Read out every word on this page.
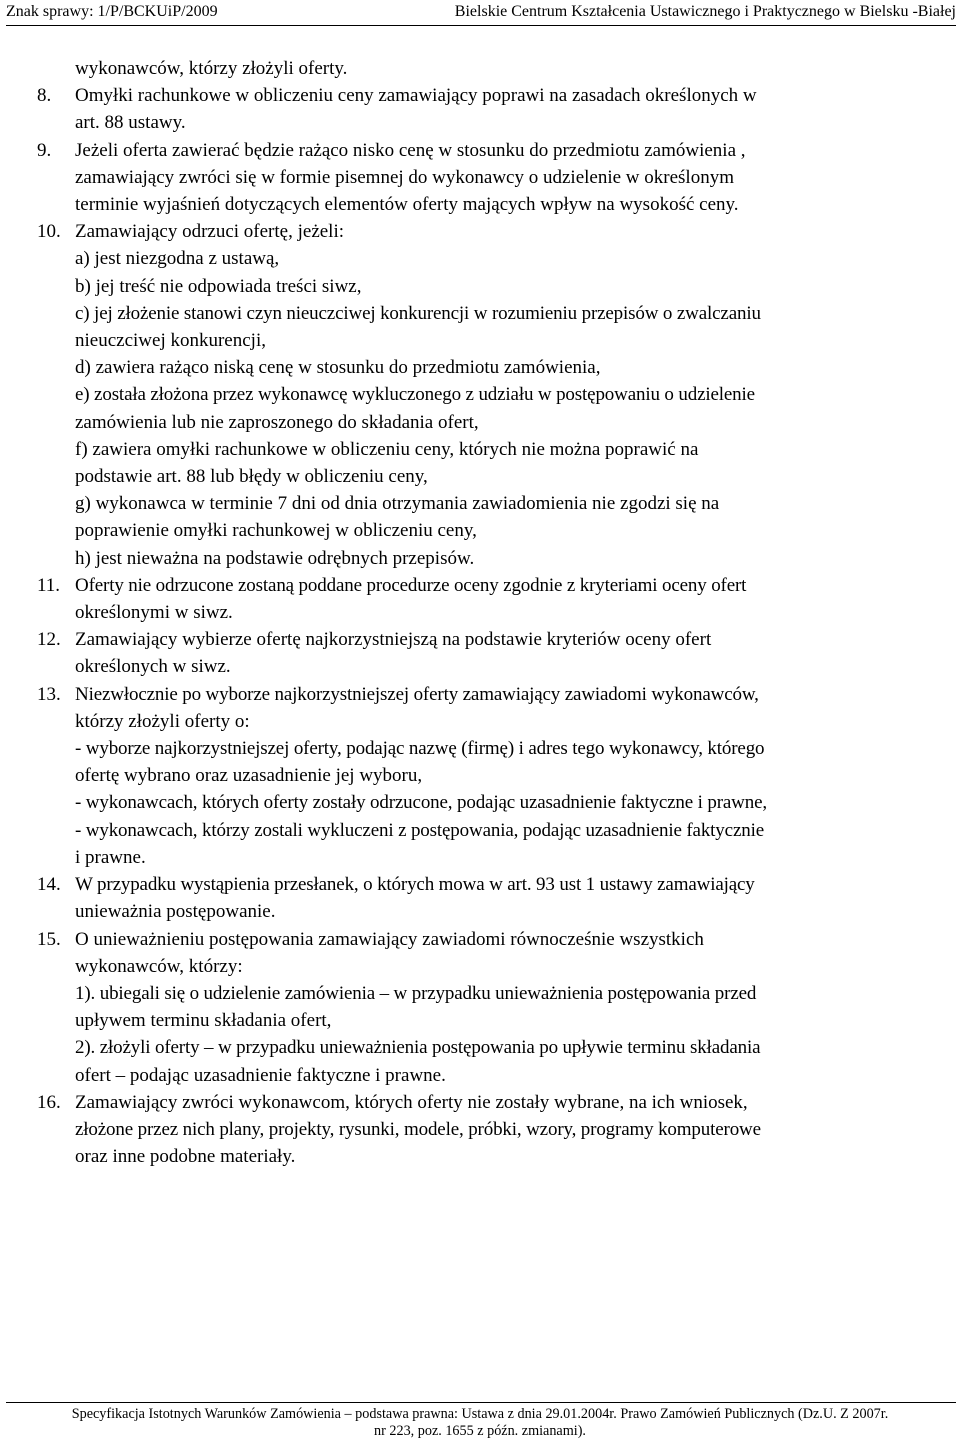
Znak sprawy: 1/P/BCKUiP/2009	Bielskie Centrum Kształcenia Ustawicznego i Praktycznego w Bielsku -Białej
wykonawców, którzy złożyli oferty.
8. Omyłki rachunkowe w obliczeniu ceny zamawiający poprawi na zasadach określonych w
art. 88 ustawy.
9. Jeżeli oferta zawierać będzie rażąco nisko cenę w stosunku do przedmiotu zamówienia ,
zamawiający zwróci się w formie pisemnej do wykonawcy o udzielenie w określonym
terminie wyjaśnień dotyczących elementów oferty mających wpływ na wysokość ceny.
10. Zamawiający odrzuci ofertę, jeżeli:
a) jest niezgodna z ustawą,
b) jej treść nie odpowiada treści siwz,
c) jej złożenie stanowi czyn nieuczciwej konkurencji w rozumieniu przepisów o zwalczaniu
nieuczciwej konkurencji,
d) zawiera rażąco niską cenę w stosunku do przedmiotu zamówienia,
e) została złożona przez wykonawcę wykluczonego z udziału w postępowaniu o udzielenie
zamówienia lub nie zaproszonego do składania ofert,
f) zawiera omyłki rachunkowe w obliczeniu ceny, których nie można poprawić na
podstawie art. 88 lub błędy w obliczeniu ceny,
g) wykonawca w terminie 7 dni od dnia otrzymania zawiadomienia nie zgodzi się na
poprawienie omyłki rachunkowej w obliczeniu ceny,
h) jest nieważna na podstawie odrębnych przepisów.
11. Oferty nie odrzucone zostaną poddane procedurze oceny zgodnie z kryteriami oceny ofert
określonymi w siwz.
12. Zamawiający wybierze ofertę najkorzystniejszą na podstawie kryteriów oceny ofert
określonych w siwz.
13. Niezwłocznie po wyborze najkorzystniejszej oferty zamawiający zawiadomi wykonawców,
którzy złożyli oferty o:
- wyborze najkorzystniejszej oferty, podając nazwę (firmę) i adres tego wykonawcy, którego
ofertę wybrano oraz uzasadnienie jej wyboru,
- wykonawcach, których oferty zostały odrzucone, podając uzasadnienie faktyczne i prawne,
- wykonawcach, którzy zostali wykluczeni z postępowania, podając uzasadnienie faktycznie
i prawne.
14. W przypadku wystąpienia przesłanek, o których mowa w art. 93 ust 1 ustawy zamawiający
unieważnia postępowanie.
15. O unieważnieniu postępowania zamawiający zawiadomi równocześnie wszystkich
wykonawców, którzy:
1). ubiegali się o udzielenie zamówienia – w przypadku unieważnienia postępowania przed
upływem terminu składania ofert,
2). złożyli oferty – w przypadku unieważnienia postępowania po upływie terminu składania
ofert – podając uzasadnienie faktyczne i prawne.
16. Zamawiający zwróci wykonawcom, których oferty nie zostały wybrane, na ich wniosek,
złożone przez nich plany, projekty, rysunki, modele, próbki, wzory, programy komputerowe
oraz inne podobne materiały.
Specyfikacja Istotnych Warunków Zamówienia – podstawa prawna: Ustawa z dnia 29.01.2004r. Prawo Zamówień Publicznych (Dz.U. Z 2007r.
nr 223, poz. 1655 z późn. zmianami).
